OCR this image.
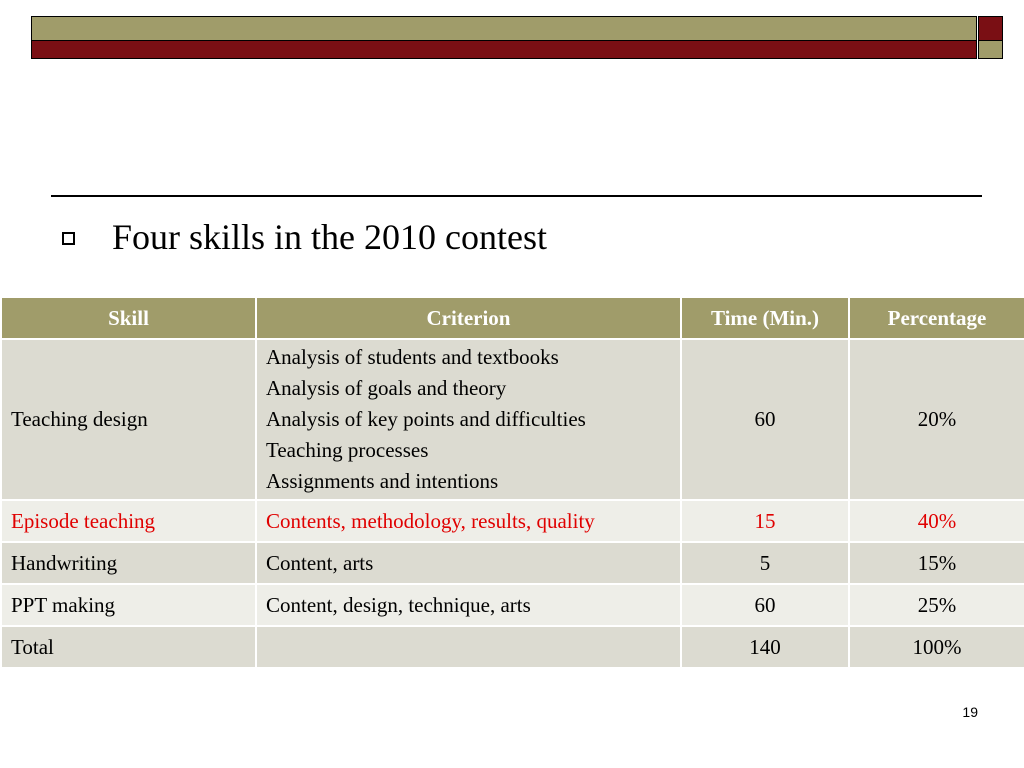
Four skills in the 2010 contest
Skill	Criterion	Time (Min.)	Percentage
Teaching design	Analysis of students and textbooks
Analysis of goals and theory
Analysis of key points and difficulties
Teaching processes
Assignments and intentions	60	20%
Episode teaching	Contents, methodology, results, quality	15	40%
Handwriting	Content, arts	5	15%
PPT making	Content, design, technique, arts	60	25%
Total		140	100%
19
